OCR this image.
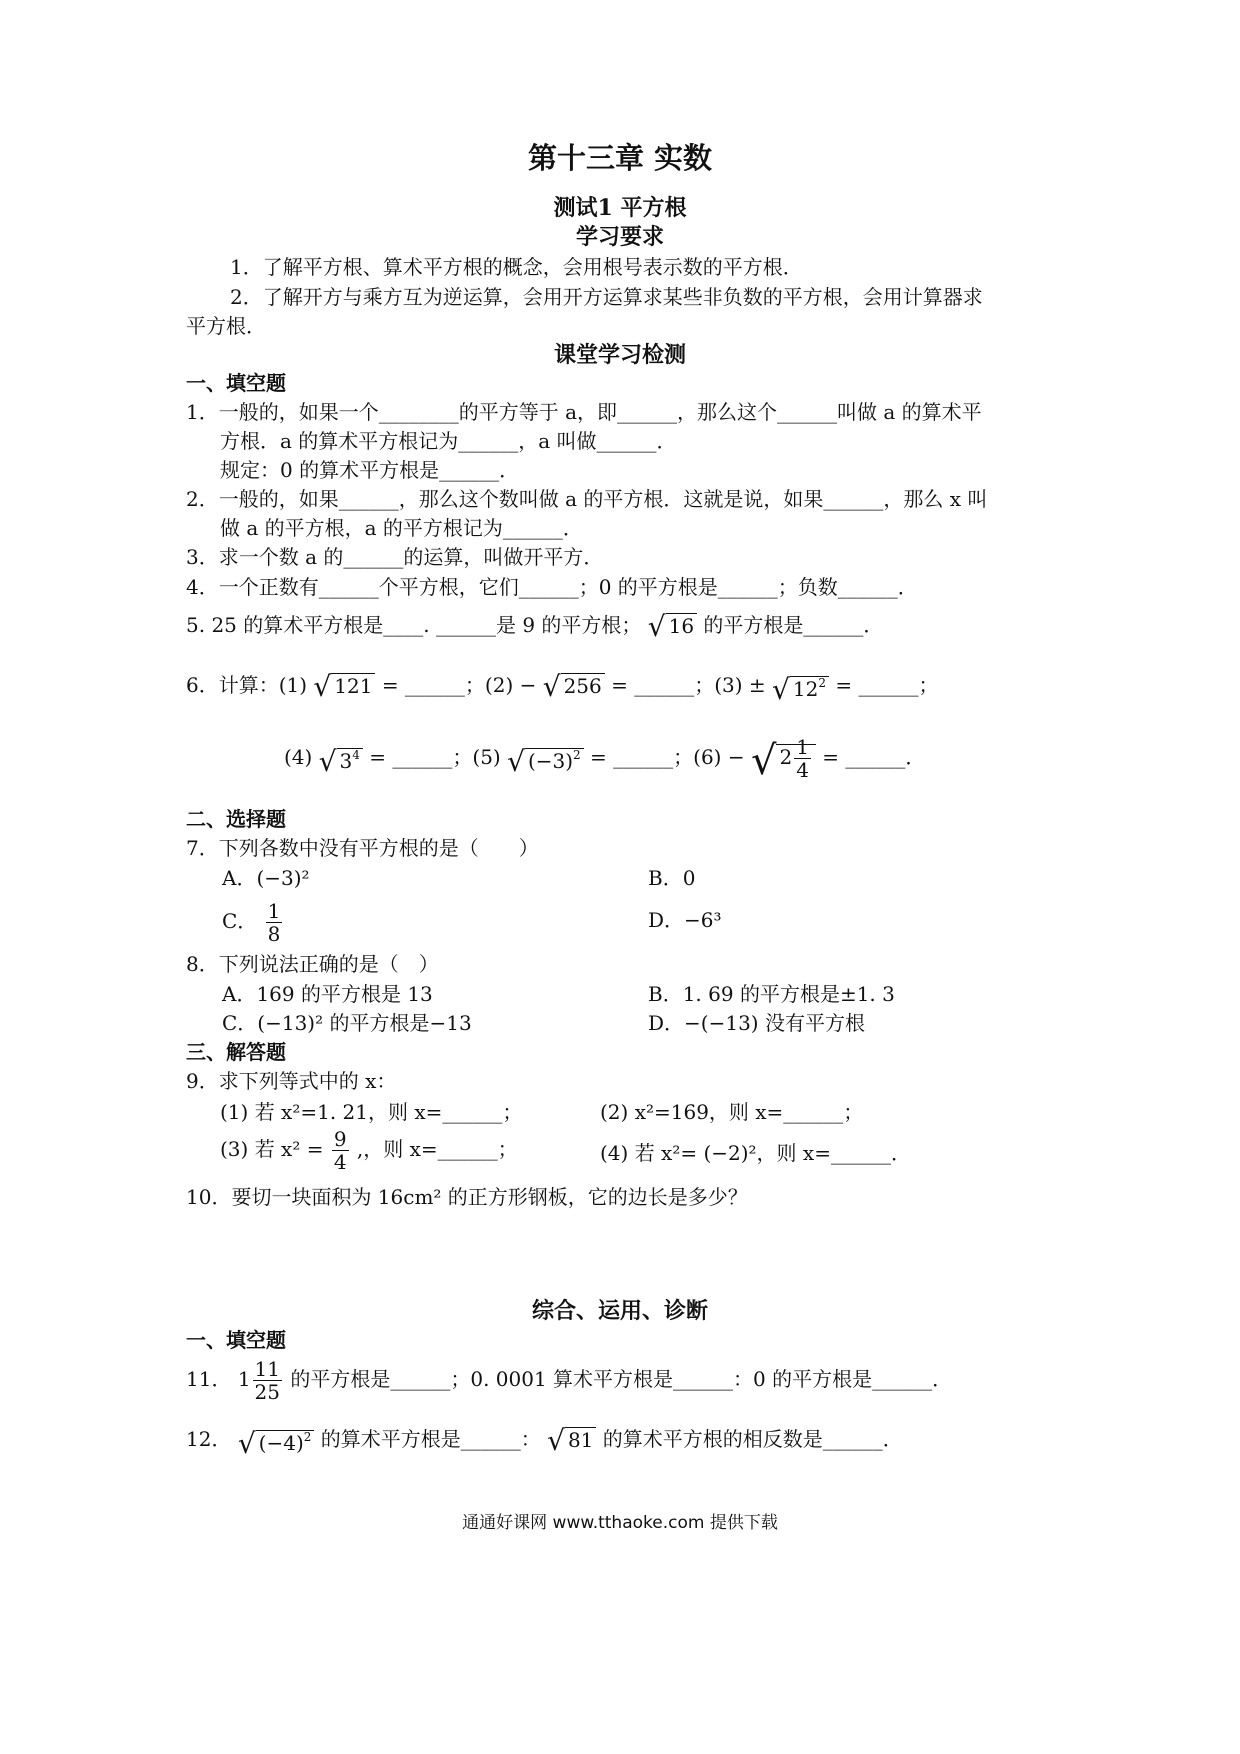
第十三章 实数
测试1 平方根
学习要求
1．了解平方根、算术平方根的概念，会用根号表示数的平方根．
2．了解开方与乘方互为逆运算，会用开方运算求某些非负数的平方根，会用计算器求
平方根．
课堂学习检测
一、填空题
1．一般的，如果一个________的平方等于 a，即______，那么这个______叫做 a 的算术平
方根．a 的算术平方根记为______，a 叫做______．
规定：0 的算术平方根是______．
2．一般的，如果______，那么这个数叫做 a 的平方根．这就是说，如果______，那么 x 叫
做 a 的平方根，a 的平方根记为______．
3．求一个数 a 的______的运算，叫做开平方．
4．一个正数有______个平方根，它们______；0 的平方根是______；负数______．
5. 25 的算术平方根是____. ______是 9 的平方根； √ 16 的平方根是______．
6．计算：(1) √ 121 = ______；(2) − √ 256 = ______；(3) ± √ $12^2$ = ______；
(4) √ $3^4$ = ______；(5) √ $(-3)^2$ = ______；(6) − √ $2 \frac{1}{4}$ = ______．
二、选择题
7．下列各数中没有平方根的是（　　）
A．(−3)²	B．0
C． $\frac{1}{8}$	D．−6³
8．下列说法正确的是（　）
A．169 的平方根是 13	B．1. 69 的平方根是±1. 3
C．(−13)² 的平方根是−13	D．−(−13) 没有平方根
三、解答题
9．求下列等式中的 x：
(1) 若 x²=1. 21，则 x=______；	(2) x²=169，则 x=______；
(3) 若 $x^2 = \frac{9}{4}$ ,，则 x=______；	(4) 若 x²= (−2)²，则 x=______．
10．要切一块面积为 16cm² 的正方形钢板，它的边长是多少？
综合、运用、诊断
一、填空题
11． $1 \frac{11}{25}$ 的平方根是______；0. 0001 算术平方根是______：0 的平方根是______．
12． √ $(-4)^2$ 的算术平方根是______： √ 81 的算术平方根的相反数是______．
通通好课网 www.tthaoke.com 提供下载
